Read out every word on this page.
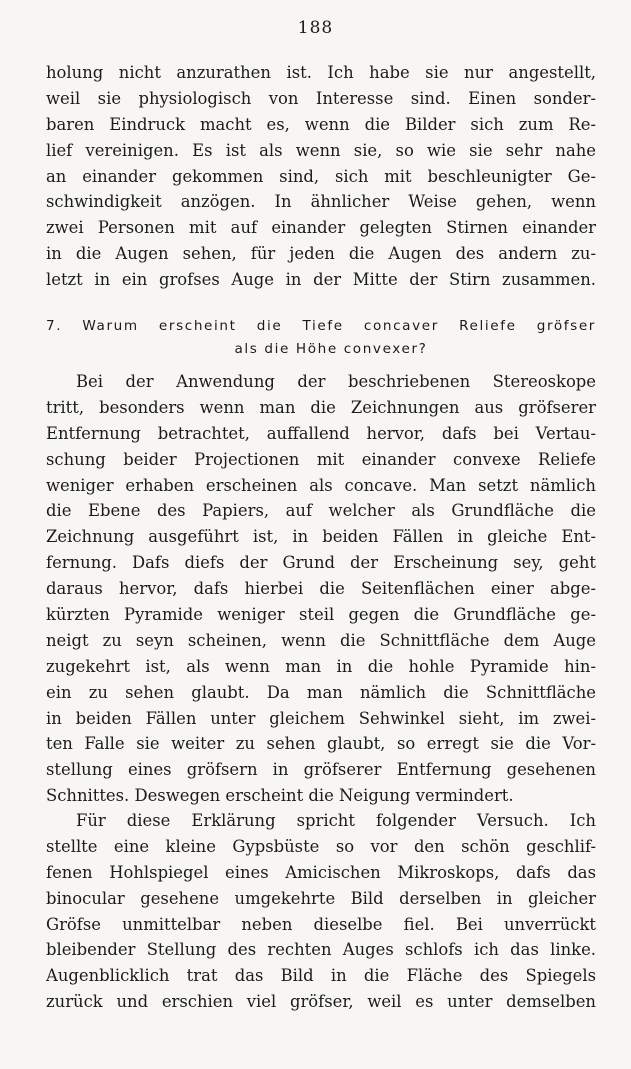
188
holung nicht anzurathen ist. Ich habe sie nur angestellt,
weil sie physiologisch von Interesse sind. Einen sonder-
baren Eindruck macht es, wenn die Bilder sich zum Re-
lief vereinigen. Es ist als wenn sie, so wie sie sehr nahe
an einander gekommen sind, sich mit beschleunigter Ge-
schwindigkeit anzögen. In ähnlicher Weise gehen, wenn
zwei Personen mit auf einander gelegten Stirnen einander
in die Augen sehen, für jeden die Augen des andern zu-
letzt in ein grofses Auge in der Mitte der Stirn zusammen.
7. Warum erscheint die Tiefe concaver Reliefe gröfser
als die Höhe convexer?
Bei der Anwendung der beschriebenen Stereoskope
tritt, besonders wenn man die Zeichnungen aus gröfserer
Entfernung betrachtet, auffallend hervor, dafs bei Vertau-
schung beider Projectionen mit einander convexe Reliefe
weniger erhaben erscheinen als concave. Man setzt nämlich
die Ebene des Papiers, auf welcher als Grundfläche die
Zeichnung ausgeführt ist, in beiden Fällen in gleiche Ent-
fernung. Dafs diefs der Grund der Erscheinung sey, geht
daraus hervor, dafs hierbei die Seitenflächen einer abge-
kürzten Pyramide weniger steil gegen die Grundfläche ge-
neigt zu seyn scheinen, wenn die Schnittfläche dem Auge
zugekehrt ist, als wenn man in die hohle Pyramide hin-
ein zu sehen glaubt. Da man nämlich die Schnittfläche
in beiden Fällen unter gleichem Sehwinkel sieht, im zwei-
ten Falle sie weiter zu sehen glaubt, so erregt sie die Vor-
stellung eines gröfsern in gröfserer Entfernung gesehenen
Schnittes. Deswegen erscheint die Neigung vermindert.
Für diese Erklärung spricht folgender Versuch. Ich
stellte eine kleine Gypsbüste so vor den schön geschlif-
fenen Hohlspiegel eines Amicischen Mikroskops, dafs das
binocular gesehene umgekehrte Bild derselben in gleicher
Gröfse unmittelbar neben dieselbe fiel. Bei unverrückt
bleibender Stellung des rechten Auges schlofs ich das linke.
Augenblicklich trat das Bild in die Fläche des Spiegels
zurück und erschien viel gröfser, weil es unter demselben
